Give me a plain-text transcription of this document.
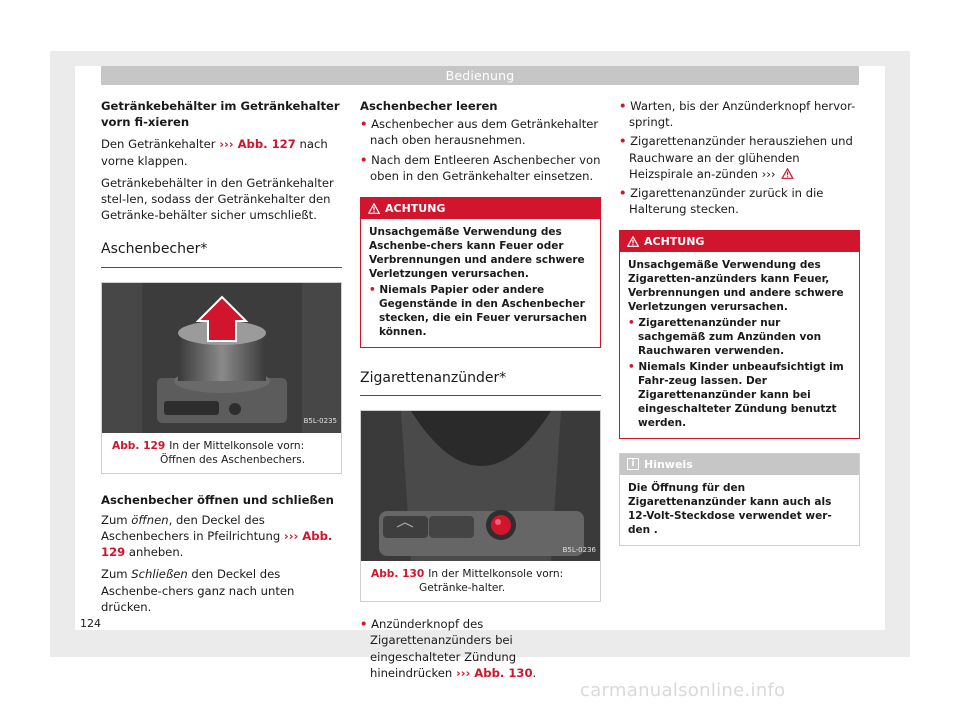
Bedienung
Getränkebehälter im Getränkehalter vorn fi-xieren
Den Getränkehalter ››› Abb. 127 nach vorne klappen.
Getränkebehälter in den Getränkehalter stel-len, sodass der Getränkehalter den Getränke-behälter sicher umschließt.
Aschenbecher*
B5L-0235
Abb. 129 In der Mittelkonsole vorn: Öffnen des Aschenbechers.
Aschenbecher öffnen und schließen
Zum öffnen, den Deckel des Aschenbechers in Pfeilrichtung ››› Abb. 129 anheben.
Zum Schließen den Deckel des Aschenbe-chers ganz nach unten drücken.
Aschenbecher leeren
• Aschenbecher aus dem Getränkehalter nach oben herausnehmen.
• Nach dem Entleeren Aschenbecher von oben in den Getränkehalter einsetzen.
ACHTUNG
Unsachgemäße Verwendung des Aschenbe-chers kann Feuer oder Verbrennungen und andere schwere Verletzungen verursachen.
• Niemals Papier oder andere Gegenstände in den Aschenbecher stecken, die ein Feuer verursachen können.
Zigarettenanzünder*
B5L-0236
Abb. 130 In der Mittelkonsole vorn: Getränke-halter.
• Anzünderknopf des Zigarettenanzünders bei eingeschalteter Zündung hineindrücken ››› Abb. 130.
• Warten, bis der Anzünderknopf hervor-springt.
• Zigarettenanzünder herausziehen und Rauchware an der glühenden Heizspirale an-zünden ›››
• Zigarettenanzünder zurück in die Halterung stecken.
ACHTUNG
Unsachgemäße Verwendung des Zigaretten-anzünders kann Feuer, Verbrennungen und andere schwere Verletzungen verursachen.
• Zigarettenanzünder nur sachgemäß zum Anzünden von Rauchwaren verwenden.
• Niemals Kinder unbeaufsichtigt im Fahr-zeug lassen. Der Zigarettenanzünder kann bei eingeschalteter Zündung benutzt werden.
i Hinweis
Die Öffnung für den Zigarettenanzünder kann auch als 12-Volt-Steckdose verwendet wer-den .
124
carmanualsonline.info
